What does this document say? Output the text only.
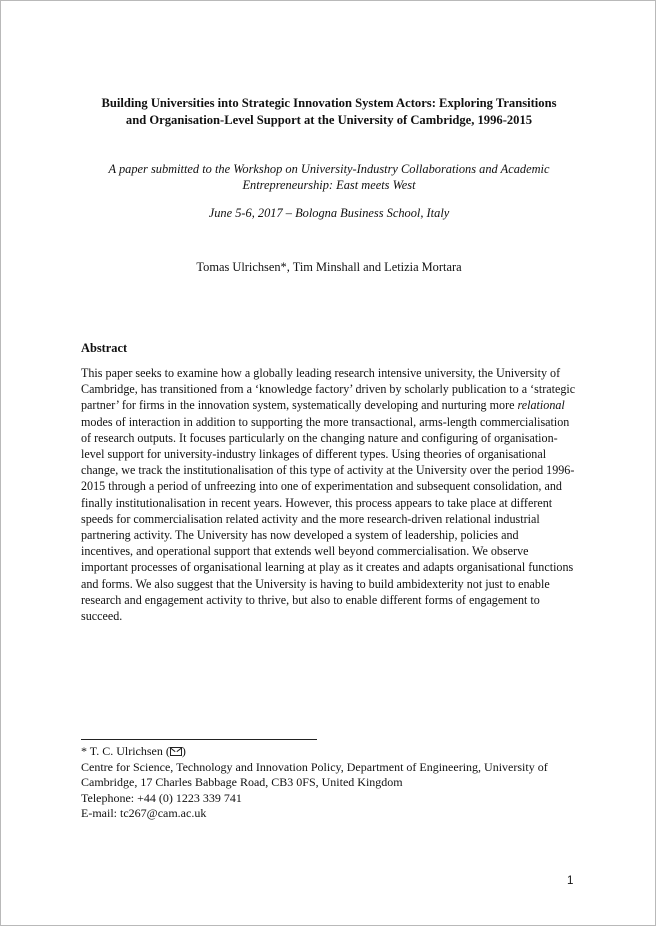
Building Universities into Strategic Innovation System Actors: Exploring Transitions
and Organisation-Level Support at the University of Cambridge, 1996-2015
A paper submitted to the Workshop on University-Industry Collaborations and Academic
Entrepreneurship: East meets West
June 5-6, 2017 – Bologna Business School, Italy
Tomas Ulrichsen*, Tim Minshall and Letizia Mortara
Abstract
This paper seeks to examine how a globally leading research intensive university, the University of
Cambridge, has transitioned from a ‘knowledge factory’ driven by scholarly publication to a ‘strategic
partner’ for firms in the innovation system, systematically developing and nurturing more relational
modes of interaction in addition to supporting the more transactional, arms-length commercialisation
of research outputs. It focuses particularly on the changing nature and configuring of organisation-
level support for university-industry linkages of different types. Using theories of organisational
change, we track the institutionalisation of this type of activity at the University over the period 1996-
2015 through a period of unfreezing into one of experimentation and subsequent consolidation, and
finally institutionalisation in recent years. However, this process appears to take place at different
speeds for commercialisation related activity and the more research-driven relational industrial
partnering activity. The University has now developed a system of leadership, policies and
incentives, and operational support that extends well beyond commercialisation. We observe
important processes of organisational learning at play as it creates and adapts organisational functions
and forms. We also suggest that the University is having to build ambidexterity not just to enable
research and engagement activity to thrive, but also to enable different forms of engagement to
succeed.
* T. C. Ulrichsen ( )
Centre for Science, Technology and Innovation Policy, Department of Engineering, University of
Cambridge, 17 Charles Babbage Road, CB3 0FS, United Kingdom
Telephone: +44 (0) 1223 339 741
E-mail: tc267@cam.ac.uk
1
